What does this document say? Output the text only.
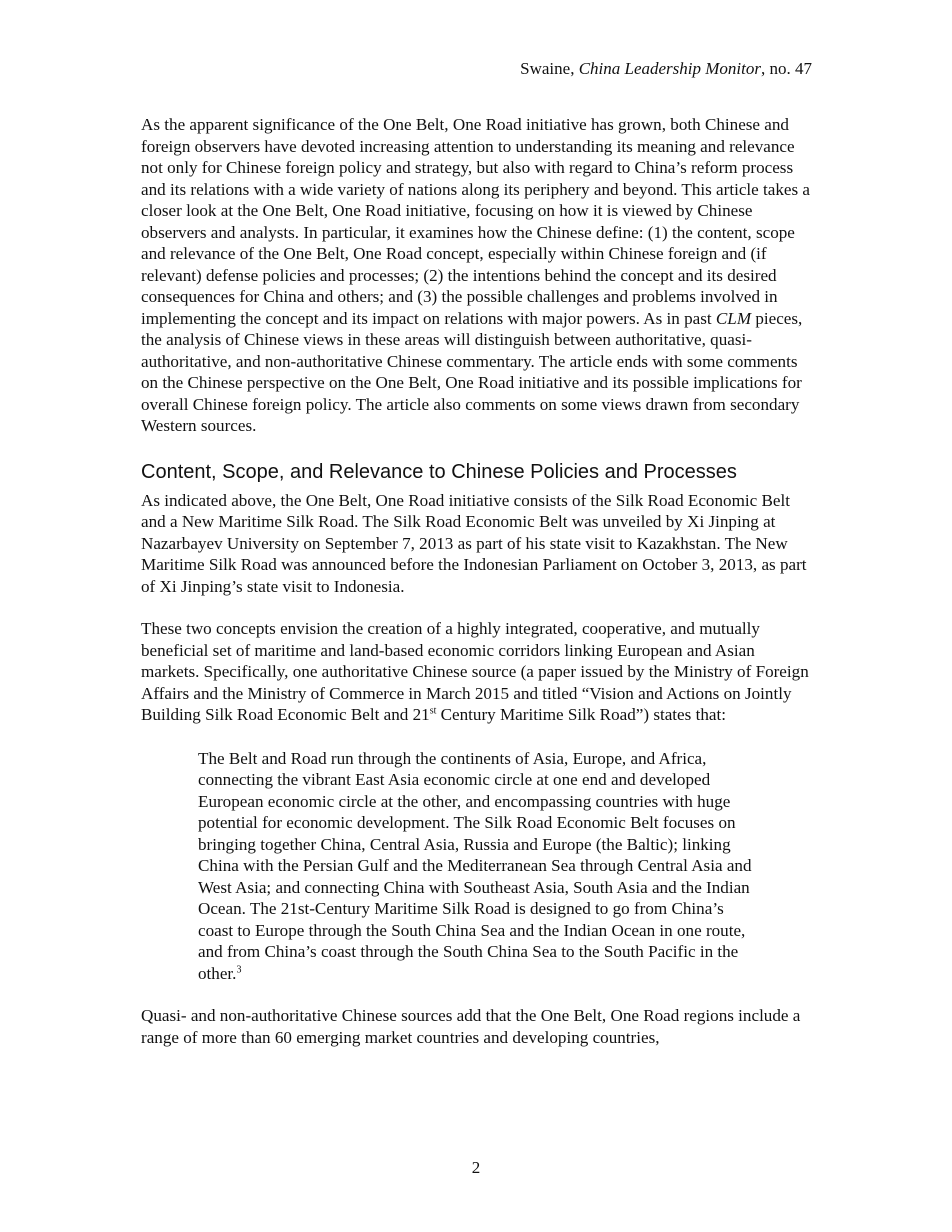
Swaine, China Leadership Monitor, no. 47

As the apparent significance of the One Belt, One Road initiative has grown, both Chinese and foreign observers have devoted increasing attention to understanding its meaning and relevance not only for Chinese foreign policy and strategy, but also with regard to China’s reform process and its relations with a wide variety of nations along its periphery and beyond. This article takes a closer look at the One Belt, One Road initiative, focusing on how it is viewed by Chinese observers and analysts. In particular, it examines how the Chinese define: (1) the content, scope and relevance of the One Belt, One Road concept, especially within Chinese foreign and (if relevant) defense policies and processes; (2) the intentions behind the concept and its desired consequences for China and others; and (3) the possible challenges and problems involved in implementing the concept and its impact on relations with major powers. As in past CLM pieces, the analysis of Chinese views in these areas will distinguish between authoritative, quasi-authoritative, and non-authoritative Chinese commentary. The article ends with some comments on the Chinese perspective on the One Belt, One Road initiative and its possible implications for overall Chinese foreign policy. The article also comments on some views drawn from secondary Western sources.

Content, Scope, and Relevance to Chinese Policies and Processes

As indicated above, the One Belt, One Road initiative consists of the Silk Road Economic Belt and a New Maritime Silk Road. The Silk Road Economic Belt was unveiled by Xi Jinping at Nazarbayev University on September 7, 2013 as part of his state visit to Kazakhstan. The New Maritime Silk Road was announced before the Indonesian Parliament on October 3, 2013, as part of Xi Jinping’s state visit to Indonesia.

These two concepts envision the creation of a highly integrated, cooperative, and mutually beneficial set of maritime and land-based economic corridors linking European and Asian markets. Specifically, one authoritative Chinese source (a paper issued by the Ministry of Foreign Affairs and the Ministry of Commerce in March 2015 and titled “Vision and Actions on Jointly Building Silk Road Economic Belt and 21st Century Maritime Silk Road”) states that:

The Belt and Road run through the continents of Asia, Europe, and Africa, connecting the vibrant East Asia economic circle at one end and developed European economic circle at the other, and encompassing countries with huge potential for economic development. The Silk Road Economic Belt focuses on bringing together China, Central Asia, Russia and Europe (the Baltic); linking China with the Persian Gulf and the Mediterranean Sea through Central Asia and West Asia; and connecting China with Southeast Asia, South Asia and the Indian Ocean. The 21st-Century Maritime Silk Road is designed to go from China’s coast to Europe through the South China Sea and the Indian Ocean in one route, and from China’s coast through the South China Sea to the South Pacific in the other.$^3$

Quasi- and non-authoritative Chinese sources add that the One Belt, One Road regions include a range of more than 60 emerging market countries and developing countries,

2
